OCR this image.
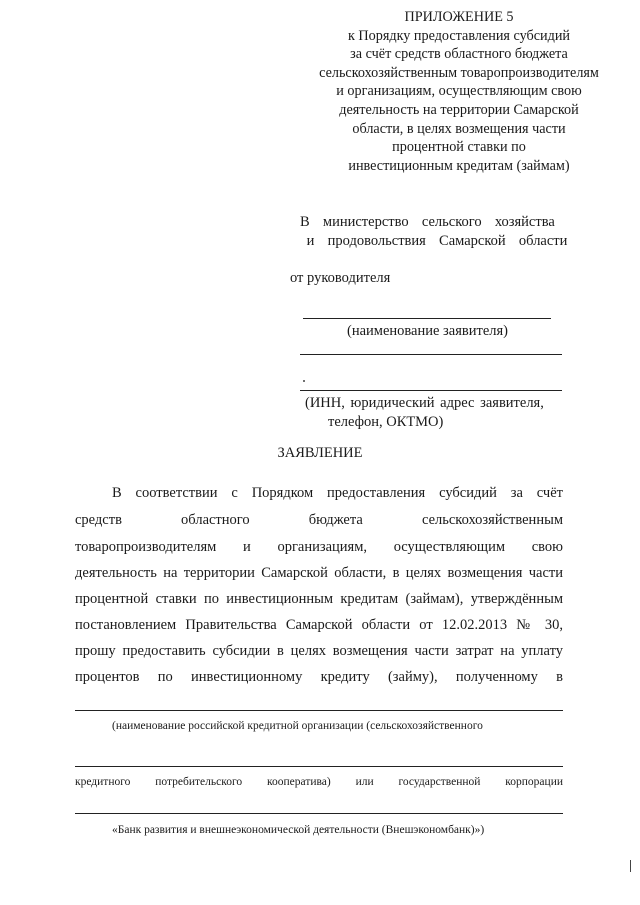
ПРИЛОЖЕНИЕ 5
к Порядку предоставления субсидий
за счёт средств областного бюджета
сельскохозяйственным товаропроизводителям
и организациям, осуществляющим свою
деятельность на территории Самарской
области, в целях возмещения части
процентной ставки по
инвестиционным кредитам (займам)
В  министерство  сельского  хозяйства
и  продовольствия  Самарской  области
от руководителя
(наименование заявителя)
(ИНН, юридический адрес заявителя,
телефон, ОКТМО)
ЗАЯВЛЕНИЕ
В соответствии с Порядком предоставления субсидий за счёт
средств областного бюджета сельскохозяйственным
товаропроизводителям и организациям, осуществляющим свою
деятельность на территории Самарской области, в целях возмещения части
процентной ставки по инвестиционным кредитам (займам), утверждённым
постановлением Правительства Самарской области от 12.02.2013 № 30,
прошу предоставить субсидии в целях возмещения части затрат на уплату
процентов по инвестиционному кредиту (займу), полученному в
(наименование российской кредитной организации (сельскохозяйственного
кредитного потребительского кооператива) или государственной корпорации
«Банк развития и внешнеэкономической деятельности (Внешэкономбанк)»)
